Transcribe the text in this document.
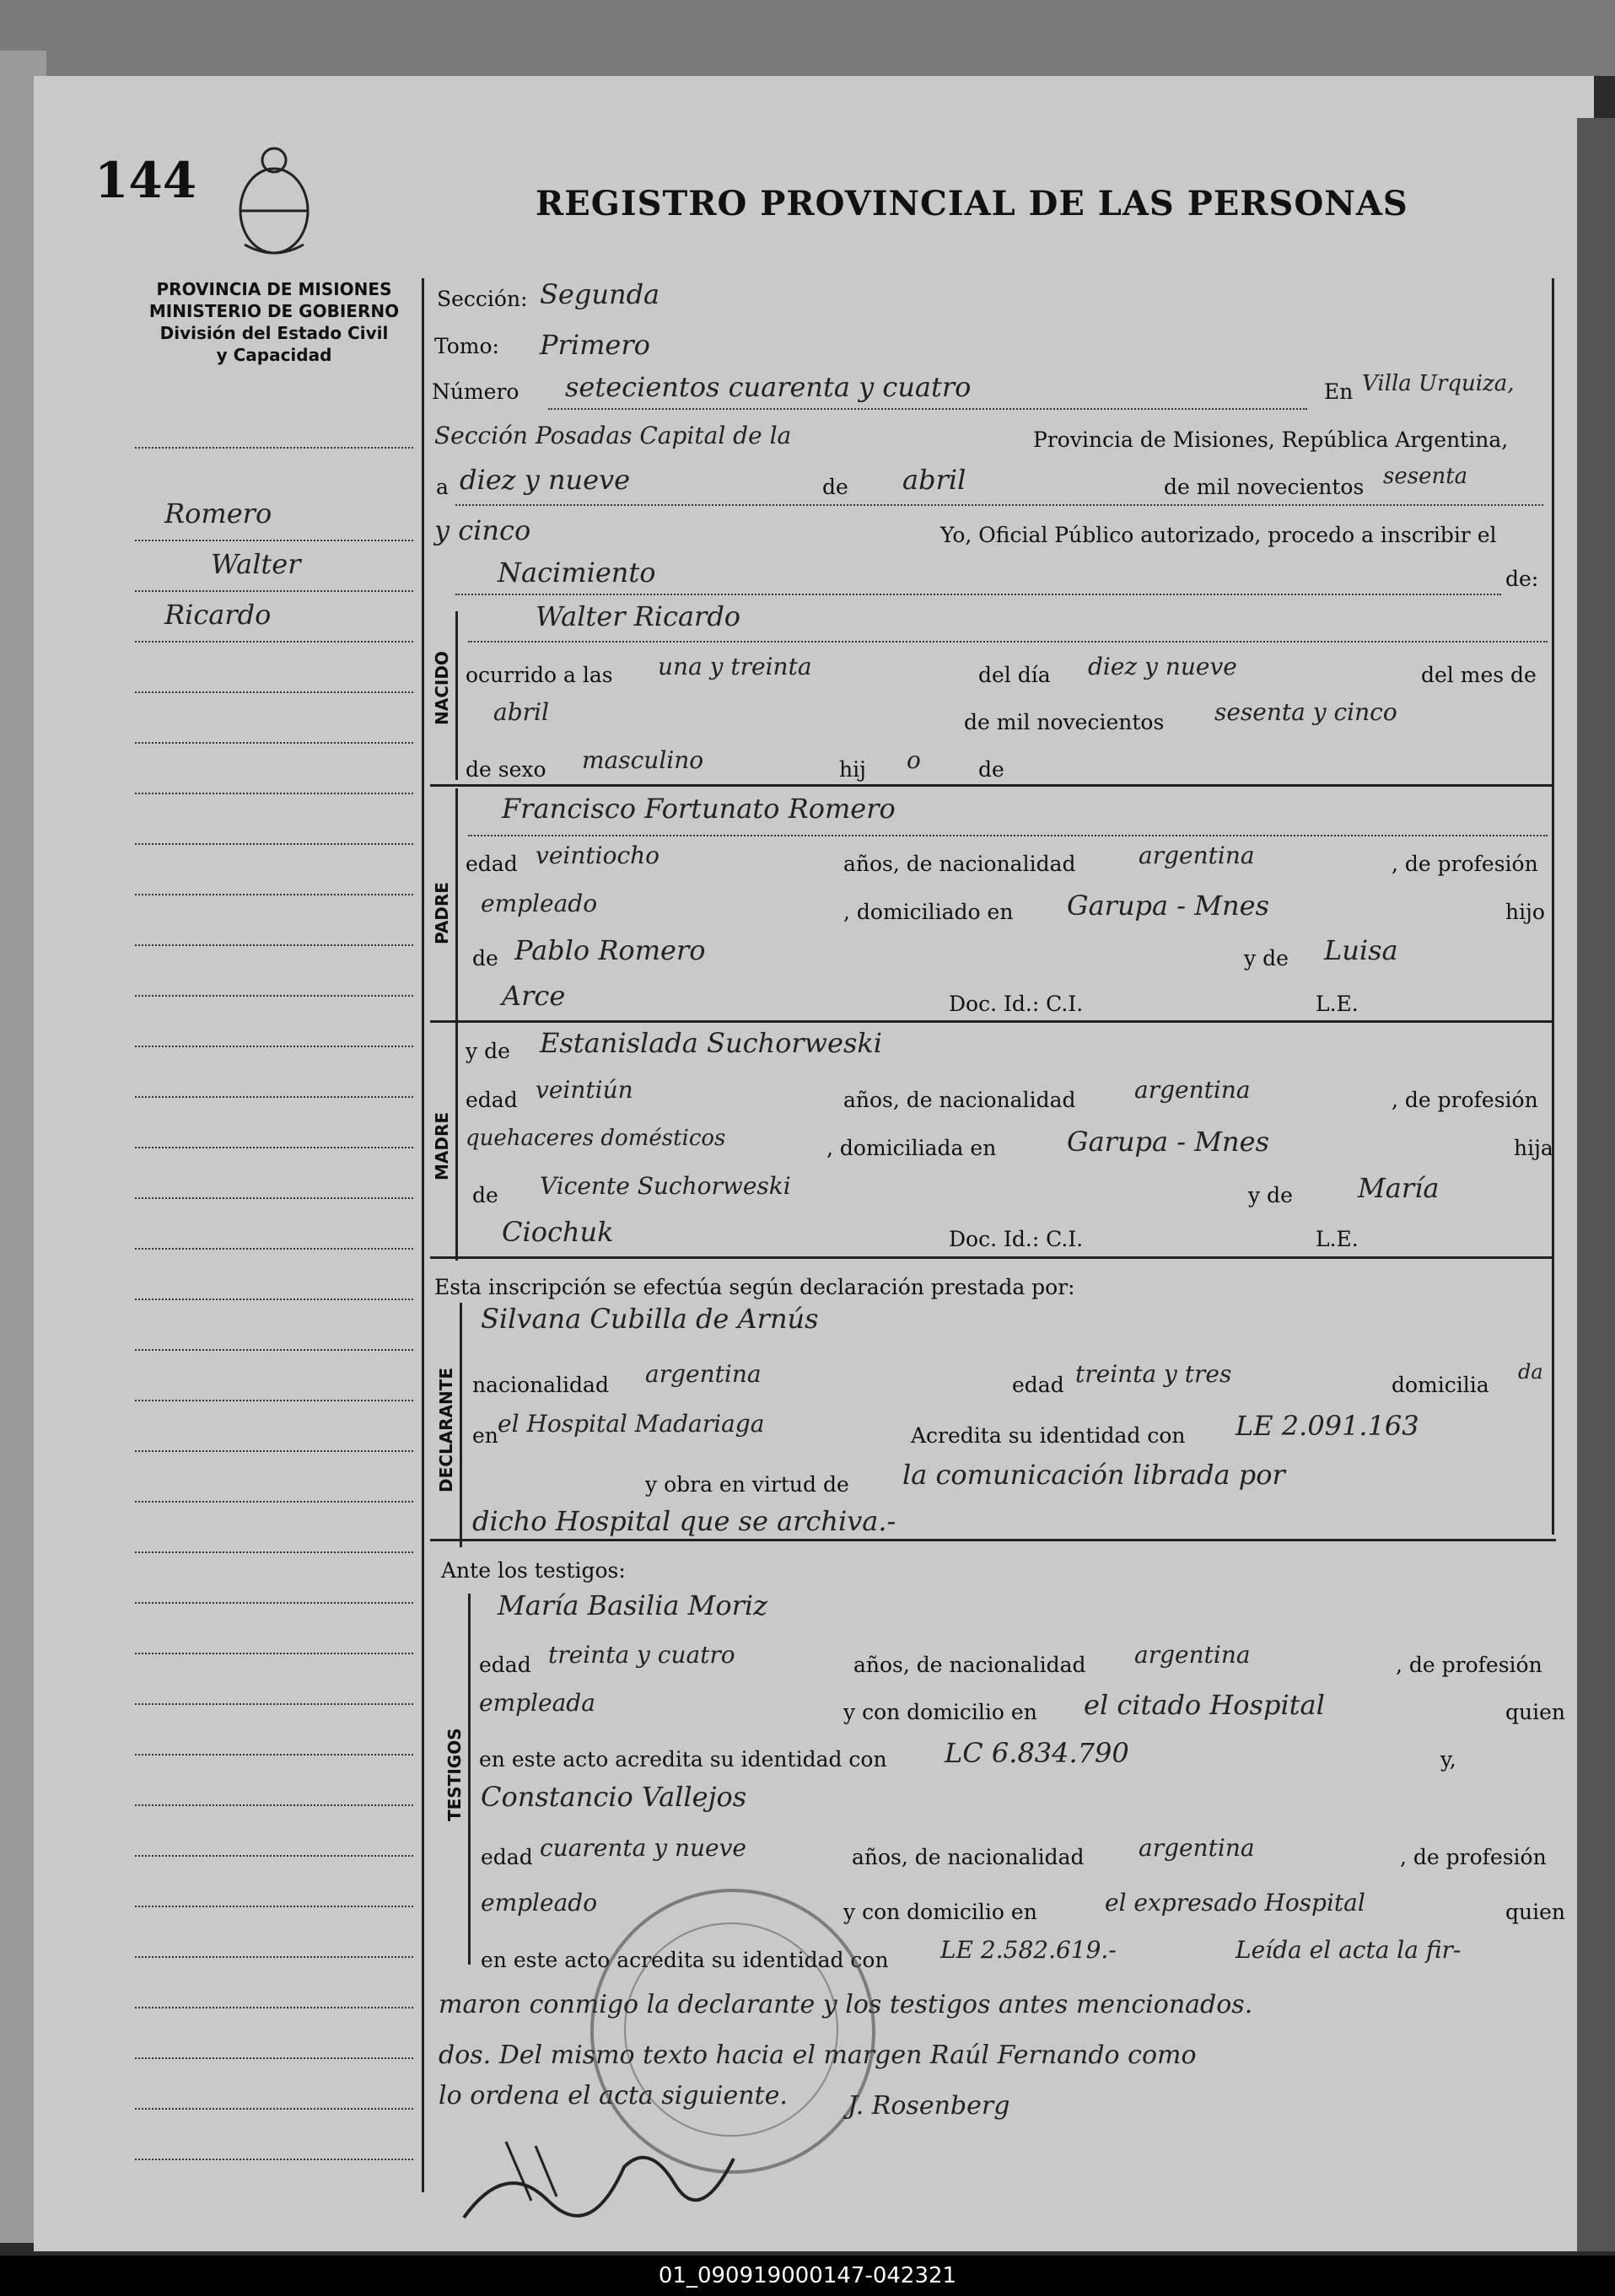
144	REGISTRO PROVINCIAL DE LAS PERSONAS
PROVINCIA DE MISIONES
MINISTERIO DE GOBIERNO
División del Estado Civil
y Capacidad
Romero
Walter
Ricardo
Sección: Segunda
Tomo: Primero
Número setecientos cuarenta y cuatro	En Villa Urquiza,
Sección Posadas Capital de la	Provincia de Misiones, República Argentina,
a diez y nueve	de abril	de mil novecientos sesenta
y cinco	Yo, Oficial Público autorizado, procedo a inscribir el
Nacimiento	de:
NACIDO
Walter Ricardo
ocurrido a las una y treinta	del día diez y nueve	del mes de
abril	de mil novecientos sesenta y cinco
de sexo masculino	hij o	de
PADRE
Francisco Fortunato Romero
edad veintiocho	años, de nacionalidad	argentina	, de profesión
empleado	, domiciliado en Garupa - Mnes	hijo
de Pablo Romero	y de Luisa
Arce	Doc. Id.: C.I.	L.E.
MADRE
y de Estanislada Suchorweski
edad veintiún	años, de nacionalidad argentina	, de profesión
quehaceres domésticos	, domiciliada en	Garupa - Mnes	hija
de Vicente Suchorweski	y de María
Ciochuk	Doc. Id.: C.I.	L.E.
Esta inscripción se efectúa según declaración prestada por:
DECLARANTE
Silvana Cubilla de Arnús
nacionalidad argentina	edad treinta y tres	domicilia
da
en el Hospital Madariaga	Acredita su identidad con LE 2.091.163
y obra en virtud de la comunicación librada por
dicho Hospital que se archiva.-
Ante los testigos:
TESTIGOS
María Basilia Moriz
edad treinta y cuatro	años, de nacionalidad argentina	, de profesión
empleada	y con domicilio en el citado Hospital	quien
en este acto acredita su identidad con LC 6.834.790	y,
Constancio Vallejos
edad cuarenta y nueve	años, de nacionalidad argentina	, de profesión
empleado	y con domicilio en	el expresado Hospital	quien
en este acto acredita su identidad con LE 2.582.619.-	Leída el acta la fir-
maron conmigo la declarante y los testigos antes mencionados.
dos. Del mismo texto hacia el margen Raúl Fernando como
lo ordena el acta siguiente. J. Rosenberg
01_090919000147-042321
